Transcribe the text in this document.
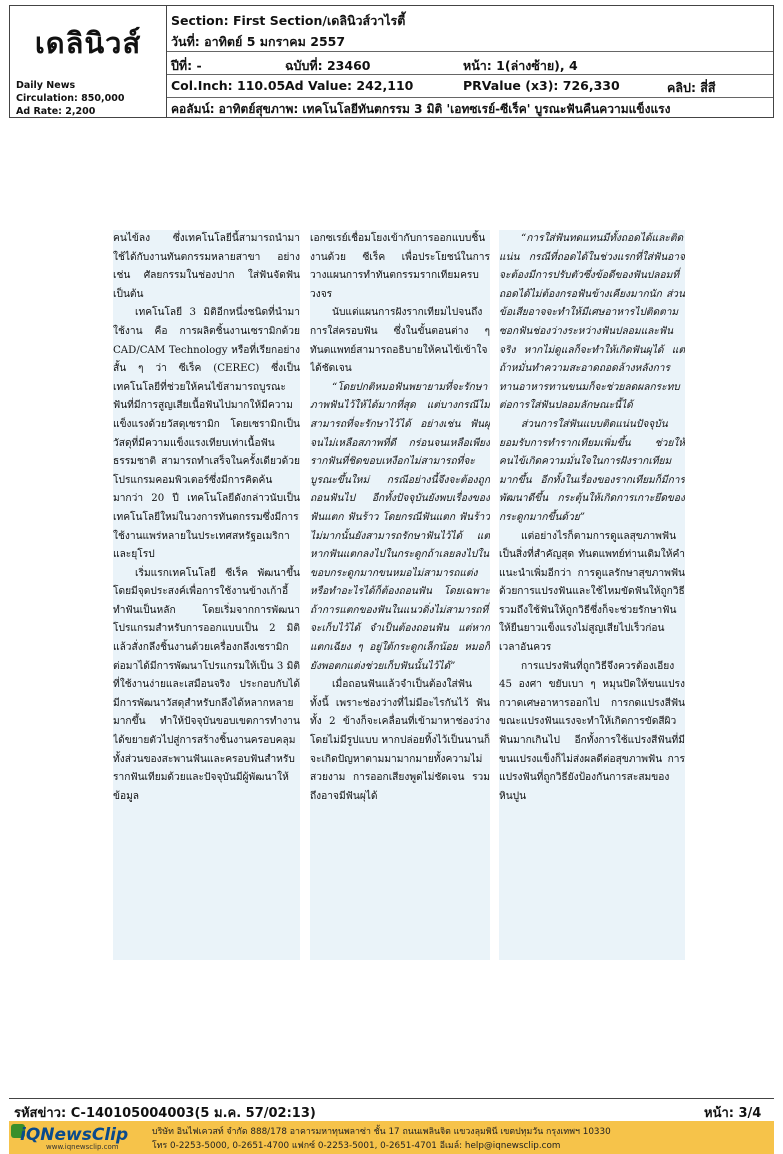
เดลินิวส์
Daily News
Circulation: 850,000
Ad Rate: 2,200
Section: First Section/เดลินิวส์วาไรตี้
วันที่: อาทิตย์ 5 มกราคม 2557
ปีที่: -	ฉบับที่: 23460	หน้า: 1(ล่างซ้าย), 4
Col.Inch: 110.05 Ad Value: 242,110	PRValue (x3): 726,330	คลิป: สี่สี
คอลัมน์: อาทิตย์สุขภาพ: เทคโนโลยีทันตกรรม 3 มิติ 'เอทซเรย์-ซีเร็ค' บูรณะฟันคืนความแข็งแรง

คนไข้ลง ซึ่งเทคโนโลยีนี้สามารถนำมาใช้ได้กับงานทันตกรรมหลายสาขา อย่างเช่น ศัลยกรรมในช่องปาก ใส่ฟันจัดฟัน เป็นต้น

เทคโนโลยี 3 มิติอีกหนึ่งชนิดที่นำมาใช้งาน คือ การผลิตชิ้นงานเซรามิกด้วย CAD/CAM Technology หรือที่เรียกอย่างสั้น ๆ ว่า ซีเร็ค (CEREC) ซึ่งเป็นเทคโนโลยีที่ช่วยให้คนไข้สามารถบูรณะฟันที่มีการสูญเสียเนื้อฟันไปมากให้มีความแข็งแรงด้วยวัสดุเซรามิก โดยเซรามิกเป็นวัสดุที่มีความแข็งแรงเทียบเท่าเนื้อฟันธรรมชาติ สามารถทำเสร็จในครั้งเดียวด้วยโปรแกรมคอมพิวเตอร์ซึ่งมีการคิดค้นมากว่า 20 ปี เทคโนโลยีดังกล่าวนับเป็นเทคโนโลยีใหม่ในวงการทันตกรรมซึ่งมีการใช้งานแพร่หลายในประเทศสหรัฐอเมริกาและยุโรป

เริ่มแรกเทคโนโลยี ซีเร็ค พัฒนาขึ้นโดยมีจุดประสงค์เพื่อการใช้งานข้างเก้าอี้ทำฟันเป็นหลัก โดยเริ่มจากการพัฒนาโปรแกรมสำหรับการออกแบบเป็น 2 มิติแล้วสั่งกลึงชิ้นงานด้วยเครื่องกลึงเซรามิก ต่อมาได้มีการพัฒนาโปรแกรมให้เป็น 3 มิติที่ใช้งานง่ายและเสมือนจริง ประกอบกับได้มีการพัฒนาวัสดุสำหรับกลึงได้หลากหลายมากขึ้น ทำให้ปัจจุบันขอบเขตการทำงานได้ขยายตัวไปสู่การสร้างชิ้นงานครอบคลุมทั้งส่วนของสะพานฟันและครอบฟันสำหรับรากฟันเทียมด้วยและปัจจุบันมีผู้พัฒนาให้ข้อมูล

เอกซเรย์เชื่อมโยงเข้ากับการออกแบบชิ้นงานด้วย ซีเร็ค เพื่อประโยชน์ในการวางแผนการทำทันตกรรมรากเทียมครบวงจร

นับแต่แผนการฝังรากเทียมไปจนถึงการใส่ครอบฟัน ซึ่งในขั้นตอนต่าง ๆ ทันตแพทย์สามารถอธิบายให้คนไข้เข้าใจได้ชัดเจน

“โดยปกติหมอฟันพยายามที่จะรักษาภาพฟันไว้ให้ได้มากที่สุด แต่บางกรณีไม่สามารถที่จะรักษาไว้ได้ อย่างเช่น ฟันผุจนไม่เหลือสภาพที่ดี กร่อนจนเหลือเพียงรากฟันที่ชิดขอบเหงือกไม่สามารถที่จะบูรณะขึ้นใหม่ กรณีอย่างนี้จึงจะต้องถูกถอนฟันไป อีกทั้งปัจจุบันยังพบเรื่องของฟันแตก ฟันร้าว โดยกรณีฟันแตก ฟันร้าวไม่มากนั้นยังสามารถรักษาฟันไว้ได้ แต่หากฟันแตกลงไปในกระดูกถ้าเลยลงไปในขอบกระดูกมากขนหมอไม่สามารถแต่งหรือทำอะไรได้ก็ต้องถอนฟัน โดยเฉพาะถ้าการแตกของฟันในแนวดิ่งไม่สามารถที่จะเก็บไว้ได้ จำเป็นต้องถอนฟัน แต่หากแตกเฉียง ๆ อยู่ใต้กระดูกเล็กน้อย หมอก็ยังพอตกแต่งช่วยเก็บฟันนั้นไว้ได้”

เมื่อถอนฟันแล้วจำเป็นต้องใส่ฟัน ทั้งนี้ เพราะช่องว่างที่ไม่มีอะไรกันไว้ ฟันทั้ง 2 ข้างก็จะเคลื่อนที่เข้ามาหาช่องว่างโดยไม่มีรูปแบบ หากปล่อยทิ้งไว้เป็นนานก็จะเกิดปัญหาตามมามากมายทั้งความไม่สวยงาม การออกเสียงพูดไม่ชัดเจน รวมถึงอาจมีฟันผุได้

“การใส่ฟันทดแทนมีทั้งถอดได้และติดแน่น กรณีที่ถอดได้ในช่วงแรกที่ใส่ฟันอาจจะต้องมีการปรับตัวซึ่งข้อดีของฟันปลอมที่ถอดได้ไม่ต้องกรอฟันข้างเคียงมากนัก ส่วนข้อเสียอาจจะทำให้มีเศษอาหารไปติดตามซอกฟันช่องว่างระหว่างฟันปลอมและฟันจริง หากไม่ดูแลก็จะทำให้เกิดฟันผุได้ แต่ถ้าหมั่นทำความสะอาดถอดล้างหลังการทานอาหารทานขนมก็จะช่วยลดผลกระทบต่อการใส่ฟันปลอมลักษณะนี้ได้

ส่วนการใส่ฟันแบบติดแน่นปัจจุบันยอมรับการทำรากเทียมเพิ่มขึ้น ช่วยให้คนไข้เกิดความมั่นใจในการฝังรากเทียมมากขึ้น อีกทั้งในเรื่องของรากเทียมก็มีการพัฒนาดีขึ้น กระตุ้นให้เกิดการเกาะยึดของกระดูกมากขึ้นด้วย”

แต่อย่างไรก็ตามการดูแลสุขภาพฟันเป็นสิ่งที่สำคัญสุด ทันตแพทย์ท่านเดิมให้คำแนะนำเพิ่มอีกว่า การดูแลรักษาสุขภาพฟันด้วยการแปรงฟันและใช้ไหมขัดฟันให้ถูกวิธี รวมถึงใช้ฟันให้ถูกวิธีซึ่งก็จะช่วยรักษาฟันให้ยืนยาวแข็งแรงไม่สูญเสียไปเร็วก่อนเวลาอันควร

การแปรงฟันที่ถูกวิธีจึงควรต้องเอียง 45 องศา ขยับเบา ๆ หมุนปัดให้ขนแปรงกวาดเศษอาหารออกไป การกดแปรงสีฟันขณะแปรงฟันแรงจะทำให้เกิดการขัดสีผิวฟันมากเกินไป อีกทั้งการใช้แปรงสีฟันที่มีขนแปรงแข็งก็ไม่ส่งผลดีต่อสุขภาพฟัน การแปรงฟันที่ถูกวิธียังป้องกันการสะสมของหินปูน

รหัสข่าว: C-140105004003(5 ม.ค. 57/02:13)	หน้า: 3/4
iQNewsClip
www.iqnewsclip.com
บริษัท อินไฟเควสท์ จำกัด 888/178 อาคารมหาทุนพลาซ่า ชั้น 17 ถนนเพลินจิต แขวงลุมพินี เขตปทุมวัน กรุงเทพฯ 10330
โทร 0-2253-5000, 0-2651-4700 แฟกซ์ 0-2253-5001, 0-2651-4701 อีเมล์: help@iqnewsclip.com
